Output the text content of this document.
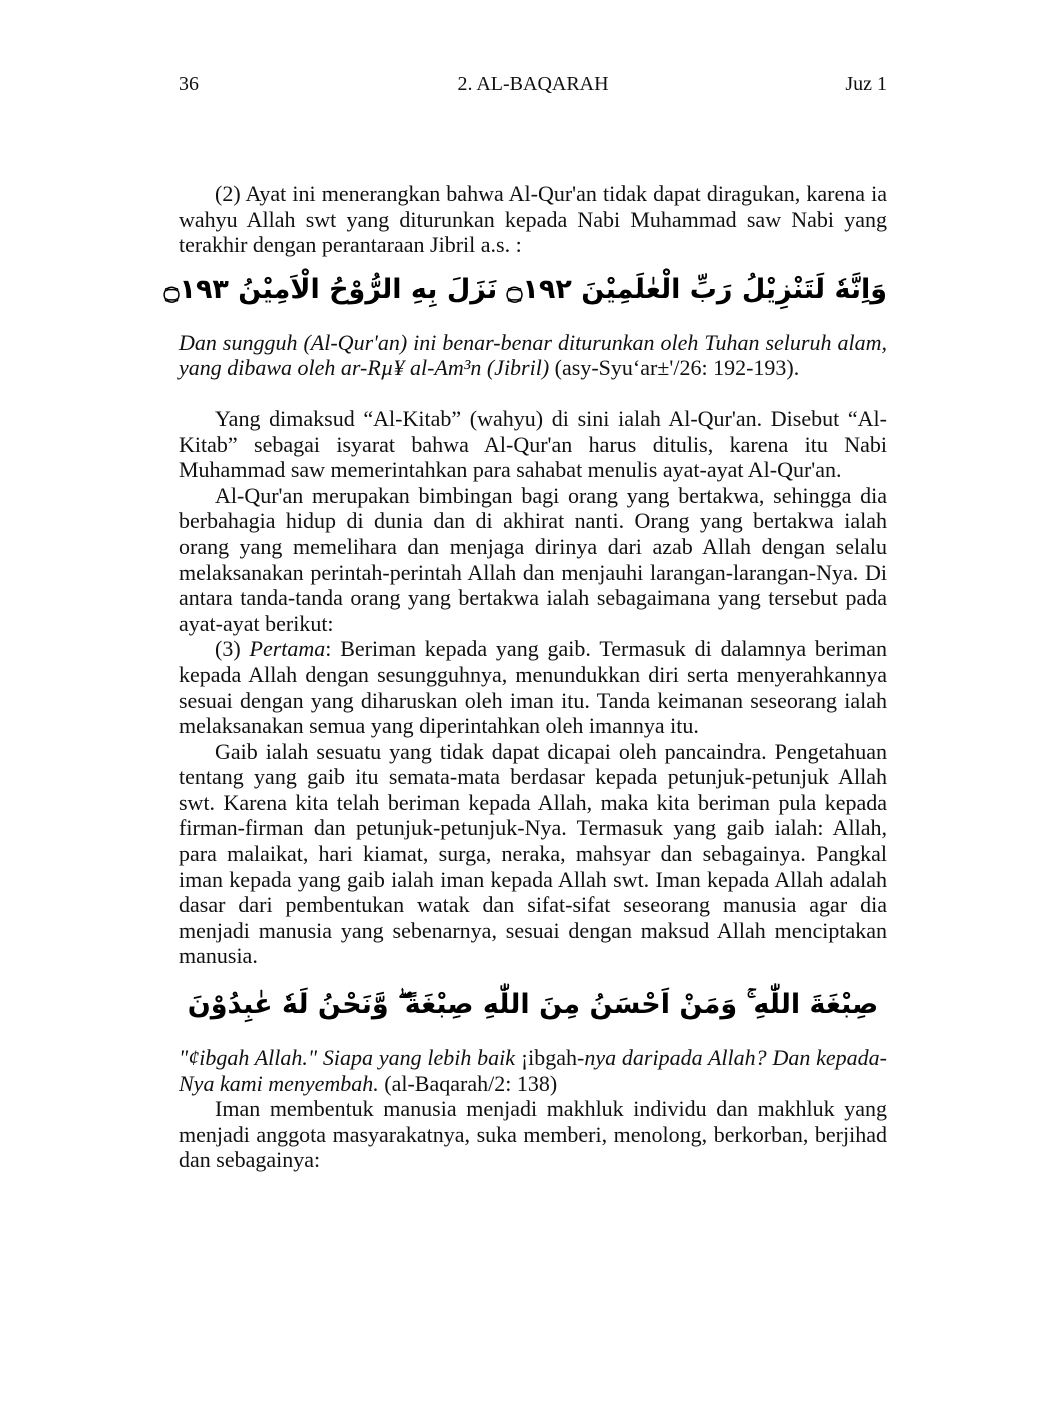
36	2. AL-BAQARAH	Juz 1

(2) Ayat ini menerangkan bahwa Al-Qur'an tidak dapat diragukan, karena ia wahyu Allah swt yang diturunkan kepada Nabi Muhammad saw Nabi yang terakhir dengan perantaraan Jibril a.s. :

وَاِنَّهٗ لَتَنْزِيْلُ رَبِّ الْعٰلَمِيْنَ ۝١٩٢ نَزَلَ بِهِ الرُّوْحُ الْاَمِيْنُ ۝١٩٣

Dan sungguh (Al-Qur'an) ini benar-benar diturunkan oleh Tuhan seluruh alam, yang dibawa oleh ar-Rµ¥ al-Am³n (Jibril) (asy-Syu‘ar±'/26: 192-193).

Yang dimaksud “Al-Kitab” (wahyu) di sini ialah Al-Qur'an. Disebut “Al-Kitab” sebagai isyarat bahwa Al-Qur'an harus ditulis, karena itu Nabi Muhammad saw memerintahkan para sahabat menulis ayat-ayat Al-Qur'an.

Al-Qur'an merupakan bimbingan bagi orang yang bertakwa, sehingga dia berbahagia hidup di dunia dan di akhirat nanti. Orang yang bertakwa ialah orang yang memelihara dan menjaga dirinya dari azab Allah dengan selalu melaksanakan perintah-perintah Allah dan menjauhi larangan-larangan-Nya. Di antara tanda-tanda orang yang bertakwa ialah sebagaimana yang tersebut pada ayat-ayat berikut:

(3) Pertama: Beriman kepada yang gaib. Termasuk di dalamnya beriman kepada Allah dengan sesungguhnya, menundukkan diri serta menyerahkannya sesuai dengan yang diharuskan oleh iman itu. Tanda keimanan seseorang ialah melaksanakan semua yang diperintahkan oleh imannya itu.

Gaib ialah sesuatu yang tidak dapat dicapai oleh pancaindra. Pengetahuan tentang yang gaib itu semata-mata berdasar kepada petunjuk-petunjuk Allah swt. Karena kita telah beriman kepada Allah, maka kita beriman pula kepada firman-firman dan petunjuk-petunjuk-Nya. Termasuk yang gaib ialah: Allah, para malaikat, hari kiamat, surga, neraka, mahsyar dan sebagainya. Pangkal iman kepada yang gaib ialah iman kepada Allah swt. Iman kepada Allah adalah dasar dari pembentukan watak dan sifat-sifat seseorang manusia agar dia menjadi manusia yang sebenarnya, sesuai dengan maksud Allah menciptakan manusia.

صِبْغَةَ اللّٰهِ ۚ وَمَنْ اَحْسَنُ مِنَ اللّٰهِ صِبْغَةً ۖ وَّنَحْنُ لَهٗ عٰبِدُوْنَ

"¢ibgah Allah." Siapa yang lebih baik ¡ibgah-nya daripada Allah? Dan kepada-Nya kami menyembah. (al-Baqarah/2: 138)

Iman membentuk manusia menjadi makhluk individu dan makhluk yang menjadi anggota masyarakatnya, suka memberi, menolong, berkorban, berjihad dan sebagainya:
